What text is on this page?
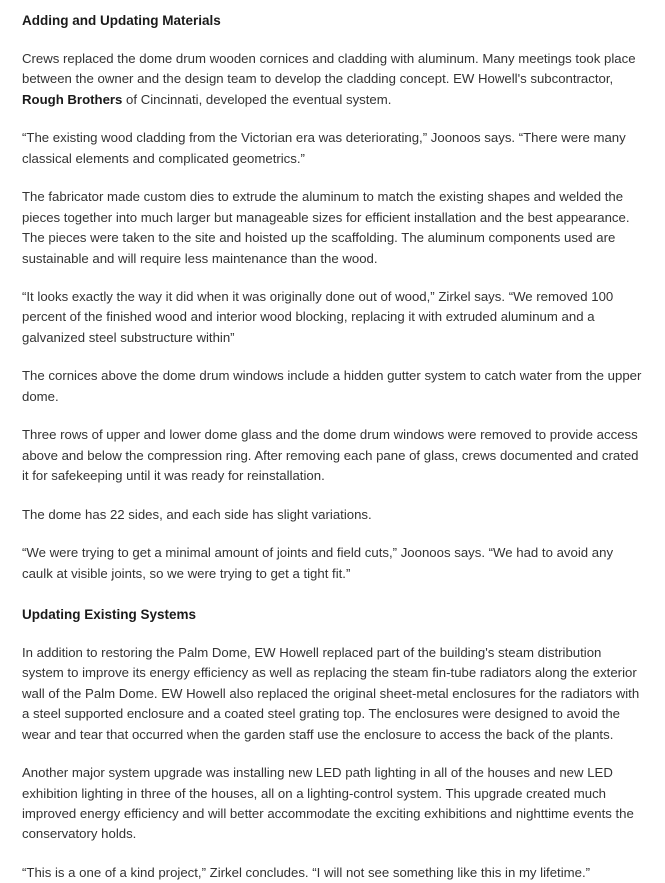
Adding and Updating Materials

Crews replaced the dome drum wooden cornices and cladding with aluminum. Many meetings took place between the owner and the design team to develop the cladding concept. EW Howell's subcontractor, Rough Brothers of Cincinnati, developed the eventual system.

“The existing wood cladding from the Victorian era was deteriorating,” Joonoos says. “There were many classical elements and complicated geometrics.”

The fabricator made custom dies to extrude the aluminum to match the existing shapes and welded the pieces together into much larger but manageable sizes for efficient installation and the best appearance. The pieces were taken to the site and hoisted up the scaffolding. The aluminum components used are sustainable and will require less maintenance than the wood.

“It looks exactly the way it did when it was originally done out of wood,” Zirkel says. “We removed 100 percent of the finished wood and interior wood blocking, replacing it with extruded aluminum and a galvanized steel substructure within”

The cornices above the dome drum windows include a hidden gutter system to catch water from the upper dome.

Three rows of upper and lower dome glass and the dome drum windows were removed to provide access above and below the compression ring. After removing each pane of glass, crews documented and crated it for safekeeping until it was ready for reinstallation.

The dome has 22 sides, and each side has slight variations.

“We were trying to get a minimal amount of joints and field cuts,” Joonoos says. “We had to avoid any caulk at visible joints, so we were trying to get a tight fit.”

Updating Existing Systems

In addition to restoring the Palm Dome, EW Howell replaced part of the building's steam distribution system to improve its energy efficiency as well as replacing the steam fin-tube radiators along the exterior wall of the Palm Dome. EW Howell also replaced the original sheet-metal enclosures for the radiators with a steel supported enclosure and a coated steel grating top. The enclosures were designed to avoid the wear and tear that occurred when the garden staff use the enclosure to access the back of the plants.

Another major system upgrade was installing new LED path lighting in all of the houses and new LED exhibition lighting in three of the houses, all on a lighting-control system. This upgrade created much improved energy efficiency and will better accommodate the exciting exhibitions and nighttime events the conservatory holds.

“This is a one of a kind project,” Zirkel concludes. “I will not see something like this in my lifetime.”
